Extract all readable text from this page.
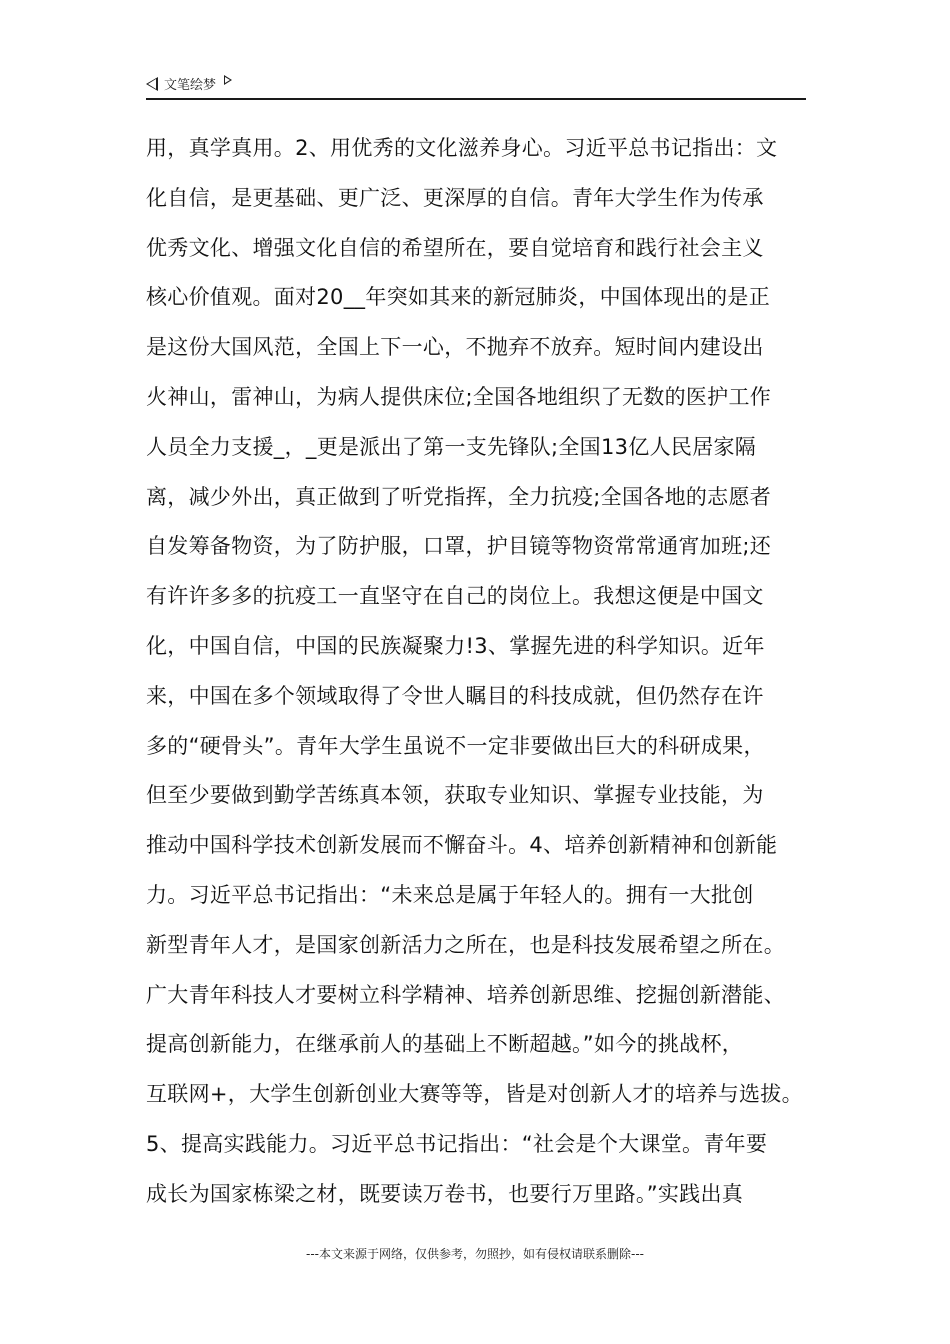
文笔绘梦
用，真学真用。2、用优秀的文化滋养身心。习近平总书记指出：文
化自信，是更基础、更广泛、更深厚的自信。青年大学生作为传承
优秀文化、增强文化自信的希望所在，要自觉培育和践行社会主义
核心价值观。面对20__年突如其来的新冠肺炎，中国体现出的是正
是这份大国风范，全国上下一心，不抛弃不放弃。短时间内建设出
火神山，雷神山，为病人提供床位;全国各地组织了无数的医护工作
人员全力支援_，_更是派出了第一支先锋队;全国13亿人民居家隔
离，减少外出，真正做到了听党指挥，全力抗疫;全国各地的志愿者
自发筹备物资，为了防护服，口罩，护目镜等物资常常通宵加班;还
有许许多多的抗疫工一直坚守在自己的岗位上。我想这便是中国文
化，中国自信，中国的民族凝聚力!3、掌握先进的科学知识。近年
来，中国在多个领域取得了令世人瞩目的科技成就，但仍然存在许
多的“硬骨头”。青年大学生虽说不一定非要做出巨大的科研成果，
但至少要做到勤学苦练真本领，获取专业知识、掌握专业技能，为
推动中国科学技术创新发展而不懈奋斗。4、培养创新精神和创新能
力。习近平总书记指出：“未来总是属于年轻人的。拥有一大批创
新型青年人才，是国家创新活力之所在，也是科技发展希望之所在。
广大青年科技人才要树立科学精神、培养创新思维、挖掘创新潜能、
提高创新能力，在继承前人的基础上不断超越。”如今的挑战杯，
互联网+，大学生创新创业大赛等等，皆是对创新人才的培养与选拔。
5、提高实践能力。习近平总书记指出：“社会是个大课堂。青年要
成长为国家栋梁之材，既要读万卷书，也要行万里路。”实践出真
---本文来源于网络，仅供参考，勿照抄，如有侵权请联系删除---
